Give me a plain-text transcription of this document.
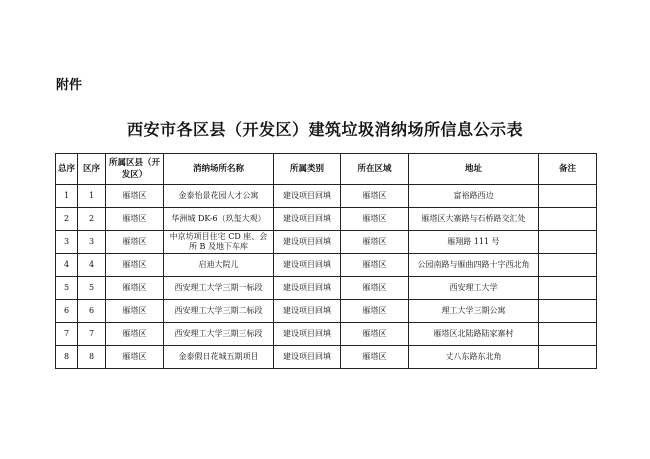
附件
西安市各区县（开发区）建筑垃圾消纳场所信息公示表
总序	区序	所属区县（开发区）	消纳场所名称	所属类别	所在区域	地址	备注
1	1	雁塔区	金泰怡景花园人才公寓	建设项目回填	雁塔区	富裕路西边	
2	2	雁塔区	华洲城 DK-6（玖玺大观）	建设项目回填	雁塔区	雁塔区大寨路与石桥路交汇处	
3	3	雁塔区	中京坊项目住宅 CD 座、会所 B 及地下车库	建设项目回填	雁塔区	雁翔路 111 号	
4	4	雁塔区	启迪大院儿	建设项目回填	雁塔区	公园南路与雁曲四路十字西北角	
5	5	雁塔区	西安理工大学三期一标段	建设项目回填	雁塔区	西安理工大学	
6	6	雁塔区	西安理工大学三期二标段	建设项目回填	雁塔区	理工大学三期公寓	
7	7	雁塔区	西安理工大学三期三标段	建设项目回填	雁塔区	雁塔区北陆路陆家寨村	
8	8	雁塔区	金泰假日花城五期项目	建设项目回填	雁塔区	丈八东路东北角	
